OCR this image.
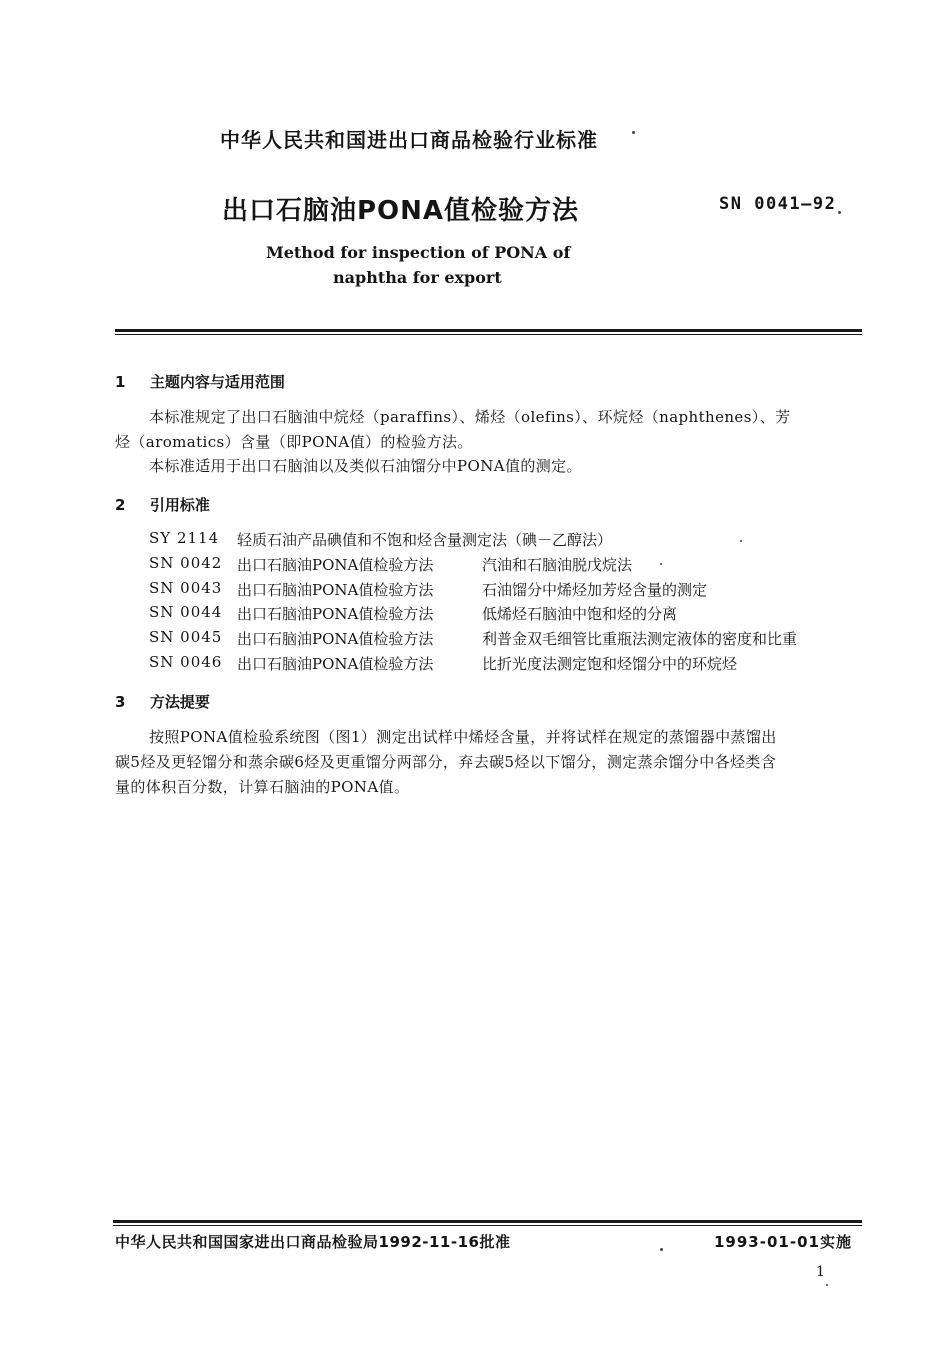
中华人民共和国进出口商品检验行业标准
出口石脑油PONA值检验方法	SN 0041—92
Method for inspection of PONA of
naphtha for export
1 主题内容与适用范围
本标准规定了出口石脑油中烷烃（paraffins）、烯烃（olefins）、环烷烃（naphthenes）、芳
烃（aromatics）含量（即PONA值）的检验方法。
本标准适用于出口石脑油以及类似石油馏分中PONA值的测定。
2 引用标准
SY 2114 轻质石油产品碘值和不饱和烃含量测定法（碘－乙醇法）
SN 0042 出口石脑油PONA值检验方法	汽油和石脑油脱戊烷法
SN 0043 出口石脑油PONA值检验方法	石油馏分中烯烃加芳烃含量的测定
SN 0044 出口石脑油PONA值检验方法	低烯烃石脑油中饱和烃的分离
SN 0045 出口石脑油PONA值检验方法	利普金双毛细管比重瓶法测定液体的密度和比重
SN 0046 出口石脑油PONA值检验方法	比折光度法测定饱和烃馏分中的环烷烃
3 方法提要
按照PONA值检验系统图（图1）测定出试样中烯烃含量，并将试样在规定的蒸馏器中蒸馏出
碳5烃及更轻馏分和蒸余碳6烃及更重馏分两部分，弃去碳5烃以下馏分，测定蒸余馏分中各烃类含
量的体积百分数，计算石脑油的PONA值。
中华人民共和国国家进出口商品检验局1992-11-16批准	1993-01-01实施
1
